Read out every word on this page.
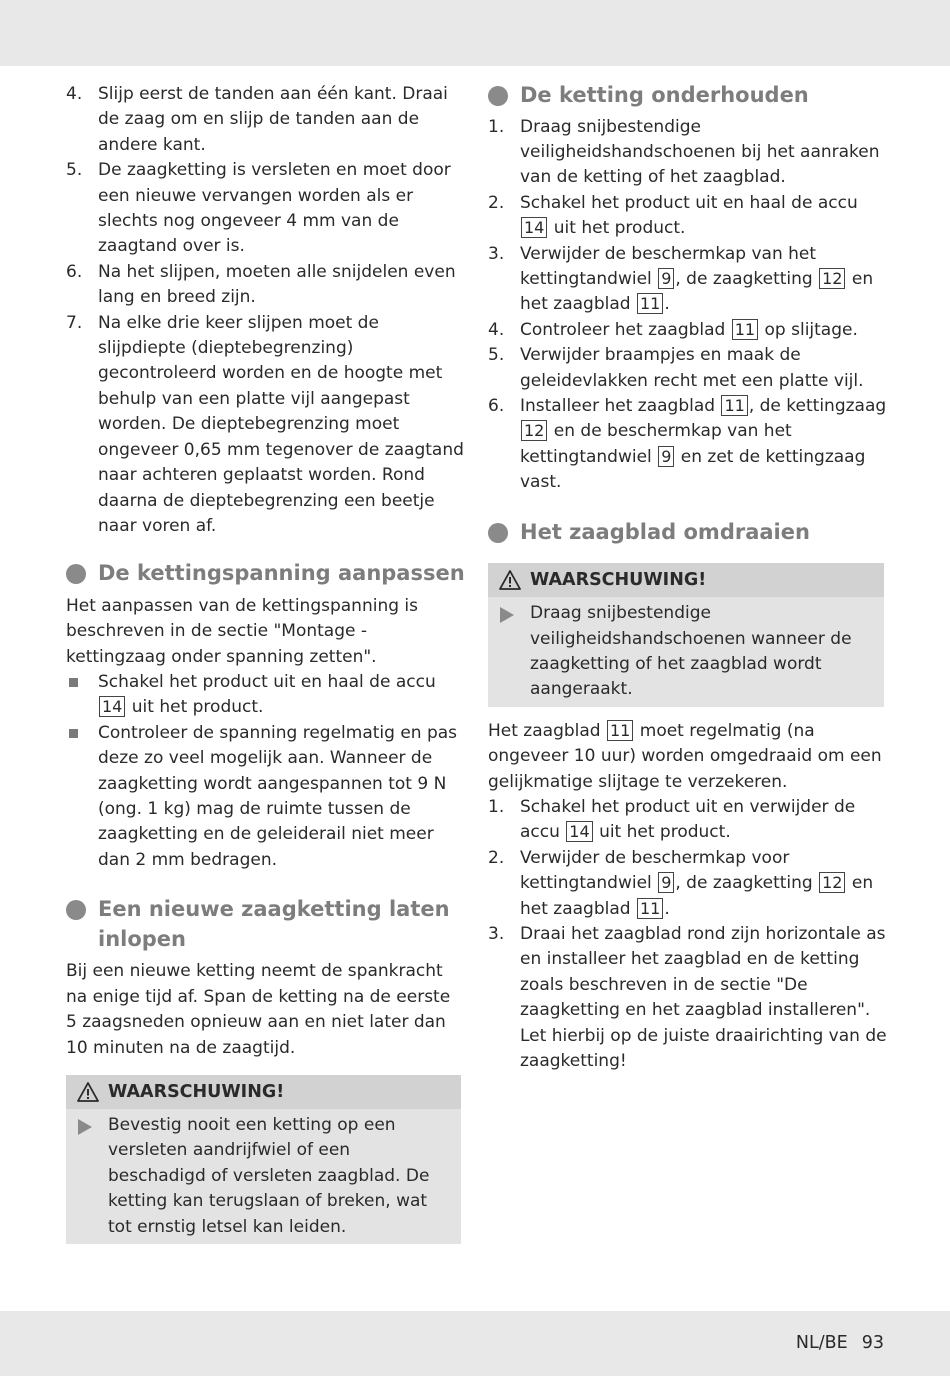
4. Slijp eerst de tanden aan één kant. Draai de zaag om en slijp de tanden aan de andere kant.
5. De zaagketting is versleten en moet door een nieuwe vervangen worden als er slechts nog ongeveer 4 mm van de zaagtand over is.
6. Na het slijpen, moeten alle snijdelen even lang en breed zijn.
7. Na elke drie keer slijpen moet de slijpdiepte (dieptebegrenzing) gecontroleerd worden en de hoogte met behulp van een platte vijl aangepast worden. De dieptebegrenzing moet ongeveer 0,65 mm tegenover de zaagtand naar achteren geplaatst worden. Rond daarna de dieptebegrenzing een beetje naar voren af.
De kettingspanning aanpassen
Het aanpassen van de kettingspanning is beschreven in de sectie "Montage - kettingzaag onder spanning zetten".
Schakel het product uit en haal de accu 14 uit het product.
Controleer de spanning regelmatig en pas deze zo veel mogelijk aan. Wanneer de zaagketting wordt aangespannen tot 9 N (ong. 1 kg) mag de ruimte tussen de zaagketting en de geleiderail niet meer dan 2 mm bedragen.
Een nieuwe zaagketting laten inlopen
Bij een nieuwe ketting neemt de spankracht na enige tijd af. Span de ketting na de eerste 5 zaagsneden opnieuw aan en niet later dan 10 minuten na de zaagtijd.
WAARSCHUWING!
Bevestig nooit een ketting op een versleten aandrijfwiel of een beschadigd of versleten zaagblad. De ketting kan terugslaan of breken, wat tot ernstig letsel kan leiden.
De ketting onderhouden
1. Draag snijbestendige veiligheidshandschoenen bij het aanraken van de ketting of het zaagblad.
2. Schakel het product uit en haal de accu 14 uit het product.
3. Verwijder de beschermkap van het kettingtandwiel 9 , de zaagketting 12 en het zaagblad 11 .
4. Controleer het zaagblad 11 op slijtage.
5. Verwijder braampjes en maak de geleidevlakken recht met een platte vijl.
6. Installeer het zaagblad 11 , de kettingzaag 12 en de beschermkap van het kettingtandwiel 9 en zet de kettingzaag vast.
Het zaagblad omdraaien
WAARSCHUWING!
Draag snijbestendige veiligheidshandschoenen wanneer de zaagketting of het zaagblad wordt aangeraakt.
Het zaagblad 11 moet regelmatig (na ongeveer 10 uur) worden omgedraaid om een gelijkmatige slijtage te verzekeren.
1. Schakel het product uit en verwijder de accu 14 uit het product.
2. Verwijder de beschermkap voor kettingtandwiel 9 , de zaagketting 12 en het zaagblad 11 .
3. Draai het zaagblad rond zijn horizontale as en installeer het zaagblad en de ketting zoals beschreven in de sectie "De zaagketting en het zaagblad installeren". Let hierbij op de juiste draairichting van de zaagketting!
NL/BE 93
